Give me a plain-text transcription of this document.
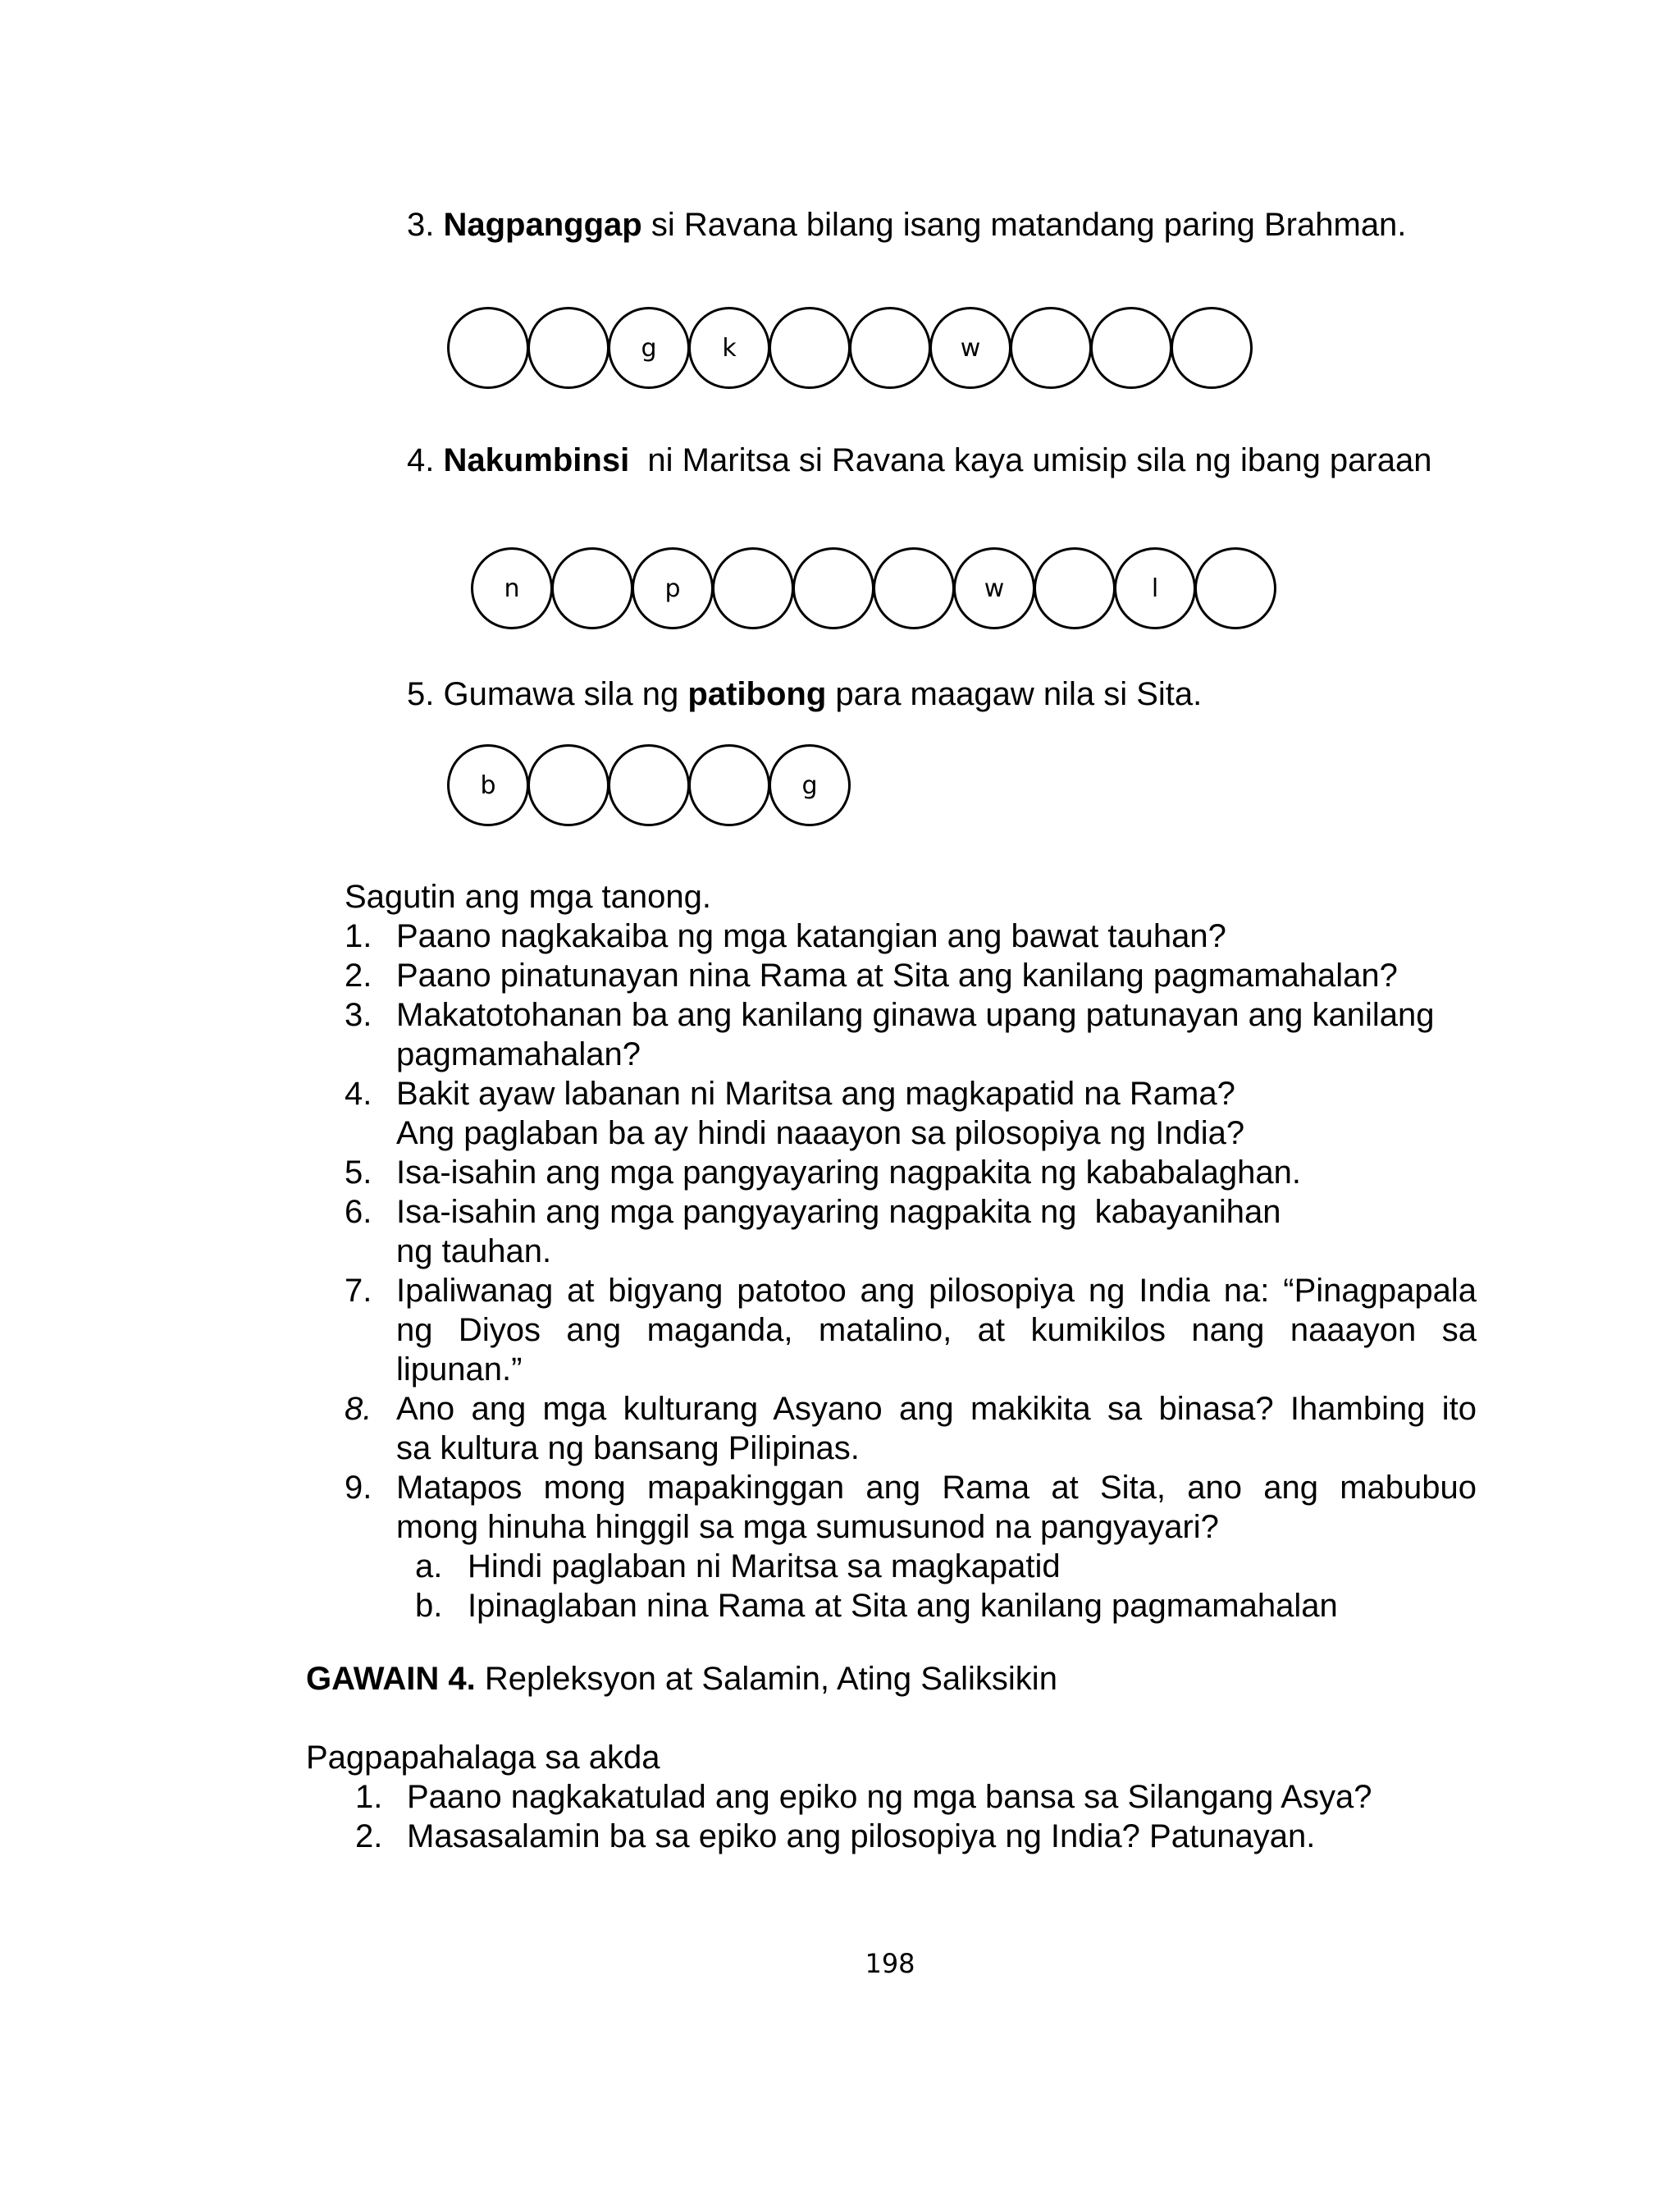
3. Nagpanggap si Ravana bilang isang matandang paring Brahman.
g	k	w
4. Nakumbinsi  ni Maritsa si Ravana kaya umisip sila ng ibang paraan
n	p	w	l
5. Gumawa sila ng patibong para maagaw nila si Sita.
b	g
Sagutin ang mga tanong.
1. Paano nagkakaiba ng mga katangian ang bawat tauhan?
2. Paano pinatunayan nina Rama at Sita ang kanilang pagmamahalan?
3. Makatotohanan ba ang kanilang ginawa upang patunayan ang kanilang
pagmamahalan?
4. Bakit ayaw labanan ni Maritsa ang magkapatid na Rama?
Ang paglaban ba ay hindi naaayon sa pilosopiya ng India?
5. Isa-isahin ang mga pangyayaring nagpakita ng kababalaghan.
6. Isa-isahin ang mga pangyayaring nagpakita ng  kabayanihan
ng tauhan.
7. Ipaliwanag at bigyang patotoo ang pilosopiya ng India na: “Pinagpapala
ng Diyos ang maganda, matalino, at kumikilos nang naaayon sa
lipunan.”
8. Ano ang mga kulturang Asyano ang makikita sa binasa? Ihambing ito
sa kultura ng bansang Pilipinas.
9. Matapos mong mapakinggan ang Rama at Sita, ano ang mabubuo
mong hinuha hinggil sa mga sumusunod na pangyayari?
a. Hindi paglaban ni Maritsa sa magkapatid
b. Ipinaglaban nina Rama at Sita ang kanilang pagmamahalan
GAWAIN 4. Repleksyon at Salamin, Ating Saliksikin
Pagpapahalaga sa akda
1. Paano nagkakatulad ang epiko ng mga bansa sa Silangang Asya?
2. Masasalamin ba sa epiko ang pilosopiya ng India? Patunayan.
198
